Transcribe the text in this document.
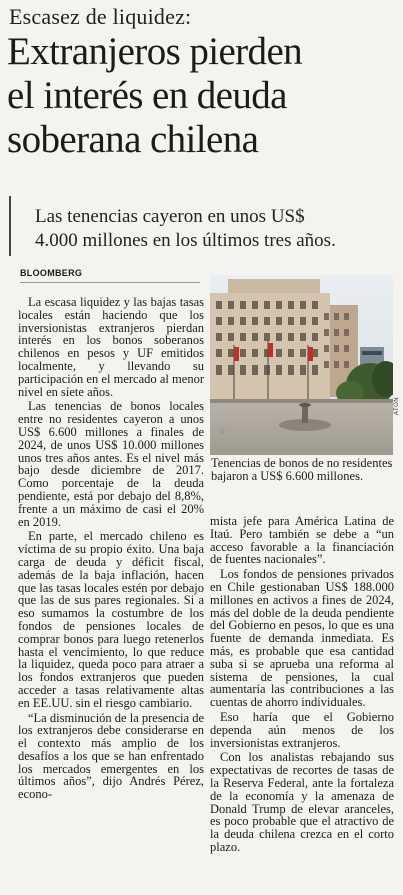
Escasez de liquidez:
Extranjeros pierden
el interés en deuda
soberana chilena
Las tenencias cayeron en unos US$
4.000 millones en los últimos tres años.
BLOOMBERG

La escasa liquidez y las bajas tasas locales están haciendo que los inversionistas extranjeros pierdan interés en los bonos soberanos chilenos en pesos y UF emitidos localmente, y llevando su participación en el mercado al menor nivel en siete años.

Las tenencias de bonos locales entre no residentes cayeron a unos US$ 6.600 millones a finales de 2024, de unos US$ 10.000 millones unos tres años antes. Es el nivel más bajo desde diciembre de 2017. Como porcentaje de la deuda pendiente, está por debajo del 8,8%, frente a un máximo de casi el 20% en 2019.

En parte, el mercado chileno es víctima de su propio éxito. Una baja carga de deuda y déficit fiscal, además de la baja inflación, hacen que las tasas locales estén por debajo que las de sus pares regionales. Si a eso sumamos la costumbre de los fondos de pensiones locales de comprar bonos para luego retenerlos hasta el vencimiento, lo que reduce la liquidez, queda poco para atraer a los fondos extranjeros que pueden acceder a tasas relativamente altas en EE.UU. sin el riesgo cambiario.

“La disminución de la presencia de los extranjeros debe considerarse en el contexto más amplio de los desafíos a los que se han enfrentado los mercados emergentes en los últimos años”, dijo Andrés Pérez, econo-

ATON
Tenencias de bonos de no residentes
bajaron a US$ 6.600 millones.

mista jefe para América Latina de Itaú. Pero también se debe a “un acceso favorable a la financiación de fuentes nacionales”.

Los fondos de pensiones privados en Chile gestionaban US$ 188.000 millones en activos a fines de 2024, más del doble de la deuda pendiente del Gobierno en pesos, lo que es una fuente de demanda inmediata. Es más, es probable que esa cantidad suba si se aprueba una reforma al sistema de pensiones, la cual aumentaría las contribuciones a las cuentas de ahorro individuales.

Eso haría que el Gobierno dependa aún menos de los inversionistas extranjeros.

Con los analistas rebajando sus expectativas de recortes de tasas de la Reserva Federal, ante la fortaleza de la economía y la amenaza de Donald Trump de elevar aranceles, es poco probable que el atractivo de la deuda chilena crezca en el corto plazo.
